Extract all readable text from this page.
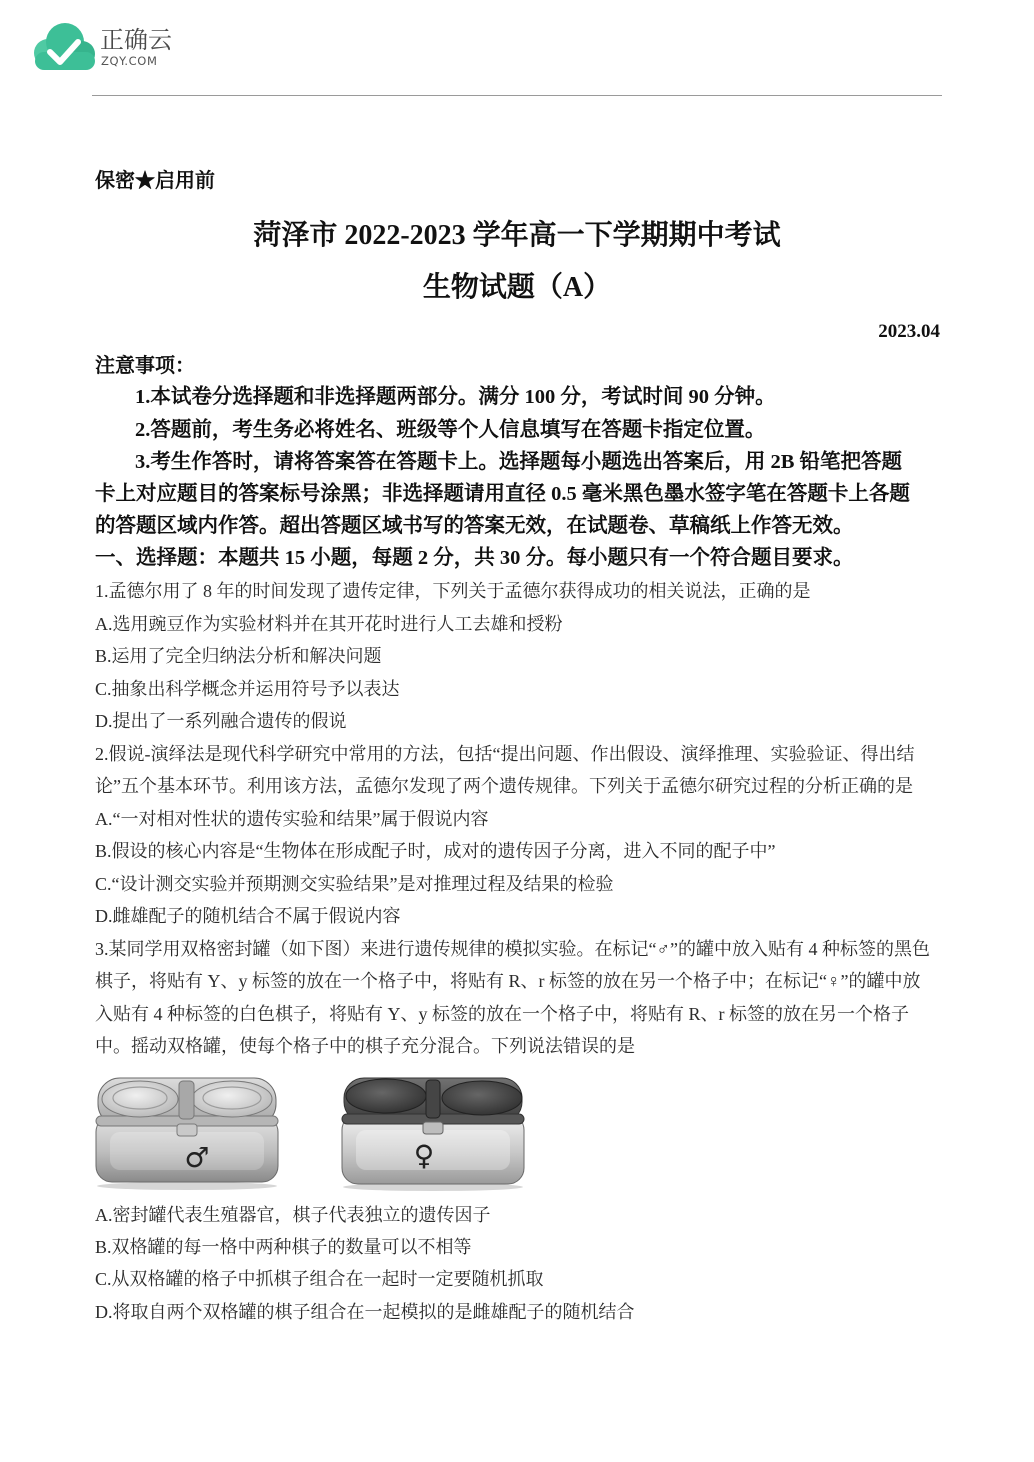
正确云
ZQY.COM
保密★启用前
菏泽市 2022-2023 学年高一下学期期中考试
生物试题（A）
2023.04
注意事项：
1.本试卷分选择题和非选择题两部分。满分 100 分，考试时间 90 分钟。
2.答题前，考生务必将姓名、班级等个人信息填写在答题卡指定位置。
3.考生作答时，请将答案答在答题卡上。选择题每小题选出答案后，用 2B 铅笔把答题
卡上对应题目的答案标号涂黑；非选择题请用直径 0.5 毫米黑色墨水签字笔在答题卡上各题
的答题区域内作答。超出答题区域书写的答案无效，在试题卷、草稿纸上作答无效。
一、选择题：本题共 15 小题，每题 2 分，共 30 分。每小题只有一个符合题目要求。
1.孟德尔用了 8 年的时间发现了遗传定律，下列关于孟德尔获得成功的相关说法，正确的是
A.选用豌豆作为实验材料并在其开花时进行人工去雄和授粉
B.运用了完全归纳法分析和解决问题
C.抽象出科学概念并运用符号予以表达
D.提出了一系列融合遗传的假说
2.假说-演绎法是现代科学研究中常用的方法，包括“提出问题、作出假设、演绎推理、实验验证、得出结
论”五个基本环节。利用该方法，孟德尔发现了两个遗传规律。下列关于孟德尔研究过程的分析正确的是
A.“一对相对性状的遗传实验和结果”属于假说内容
B.假设的核心内容是“生物体在形成配子时，成对的遗传因子分离，进入不同的配子中”
C.“设计测交实验并预期测交实验结果”是对推理过程及结果的检验
D.雌雄配子的随机结合不属于假说内容
3.某同学用双格密封罐（如下图）来进行遗传规律的模拟实验。在标记“♂”的罐中放入贴有 4 种标签的黑色
棋子，将贴有 Y、y 标签的放在一个格子中，将贴有 R、r 标签的放在另一个格子中；在标记“♀”的罐中放
入贴有 4 种标签的白色棋子，将贴有 Y、y 标签的放在一个格子中，将贴有 R、r 标签的放在另一个格子
中。摇动双格罐，使每个格子中的棋子充分混合。下列说法错误的是
♂	♀
A.密封罐代表生殖器官，棋子代表独立的遗传因子
B.双格罐的每一格中两种棋子的数量可以不相等
C.从双格罐的格子中抓棋子组合在一起时一定要随机抓取
D.将取自两个双格罐的棋子组合在一起模拟的是雌雄配子的随机结合
